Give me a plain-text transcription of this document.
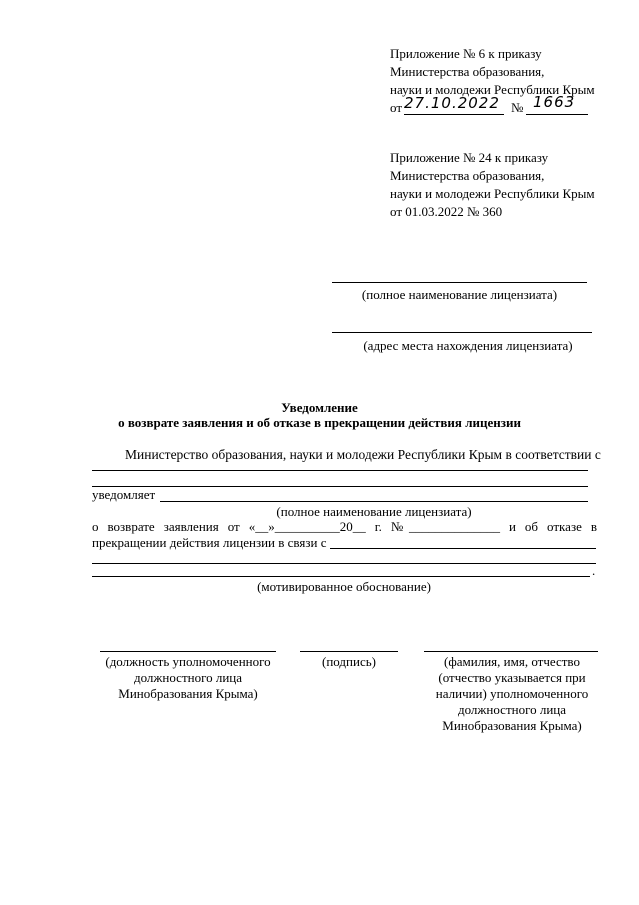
Приложение № 6 к приказу
Министерства образования,
науки и молодежи Республики Крым
от 27.10.2022 № 1663
Приложение № 24 к приказу
Министерства образования,
науки и молодежи Республики Крым
от 01.03.2022 № 360
(полное наименование лицензиата)
(адрес места нахождения лицензиата)
Уведомление
о возврате заявления и об отказе в прекращении действия лицензии
Министерство образования, науки и молодежи Республики Крым в соответствии с
уведомляет
(полное наименование лицензиата)
о возврате заявления от «__»__________20__ г. №______________ и об отказе в
прекращении действия лицензии в связи с
.
(мотивированное обоснование)
(должность уполномоченного
должностного лица
Минобразования Крыма)
(подпись)	(фамилия, имя, отчество
(отчество указывается при
наличии) уполномоченного
должностного лица
Минобразования Крыма)
